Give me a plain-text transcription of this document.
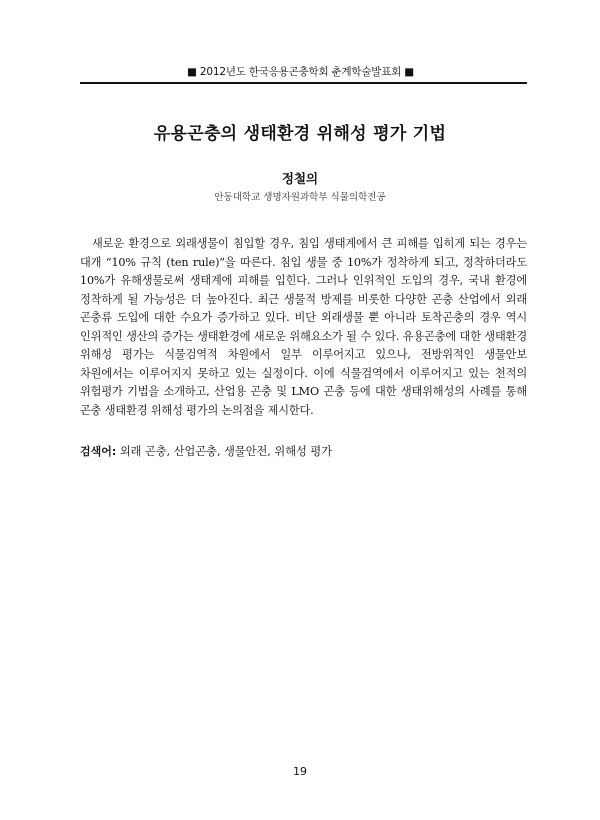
■ 2012년도 한국응용곤충학회 춘계학술발표회 ■
유용곤충의 생태환경 위해성 평가 기법
정철의
안동대학교 생명자원과학부 식물의학전공

새로운 환경으로 외래생물이 침입할 경우, 침입 생태계에서 큰 피해를 입히게 되는 경우는 대개 “10% 규칙 (ten rule)”을 따른다. 침입 생물 중 10%가 정착하게 되고, 정착하더라도 10%가 유해생물로써 생태계에 피해를 입힌다. 그러나 인위적인 도입의 경우, 국내 환경에 정착하게 될 가능성은 더 높아진다. 최근 생물적 방제를 비롯한 다양한 곤충 산업에서 외래 곤충류 도입에 대한 수요가 증가하고 있다. 비단 외래생물 뿐 아니라 토착곤충의 경우 역시 인위적인 생산의 증가는 생태환경에 새로운 위해요소가 될 수 있다. 유용곤충에 대한 생태환경 위해성 평가는 식물검역적 차원에서 일부 이루어지고 있으나, 전방위적인 생물안보 차원에서는 이루어지지 못하고 있는 실정이다. 이에 식물검역에서 이루어지고 있는 천적의 위험평가 기법을 소개하고, 산업용 곤충 및 LMO 곤충 등에 대한 생태위해성의 사례를 통해 곤충 생태환경 위해성 평가의 논의점을 제시한다.

검색어: 외래 곤충, 산업곤충, 생물안전, 위해성 평가
19
